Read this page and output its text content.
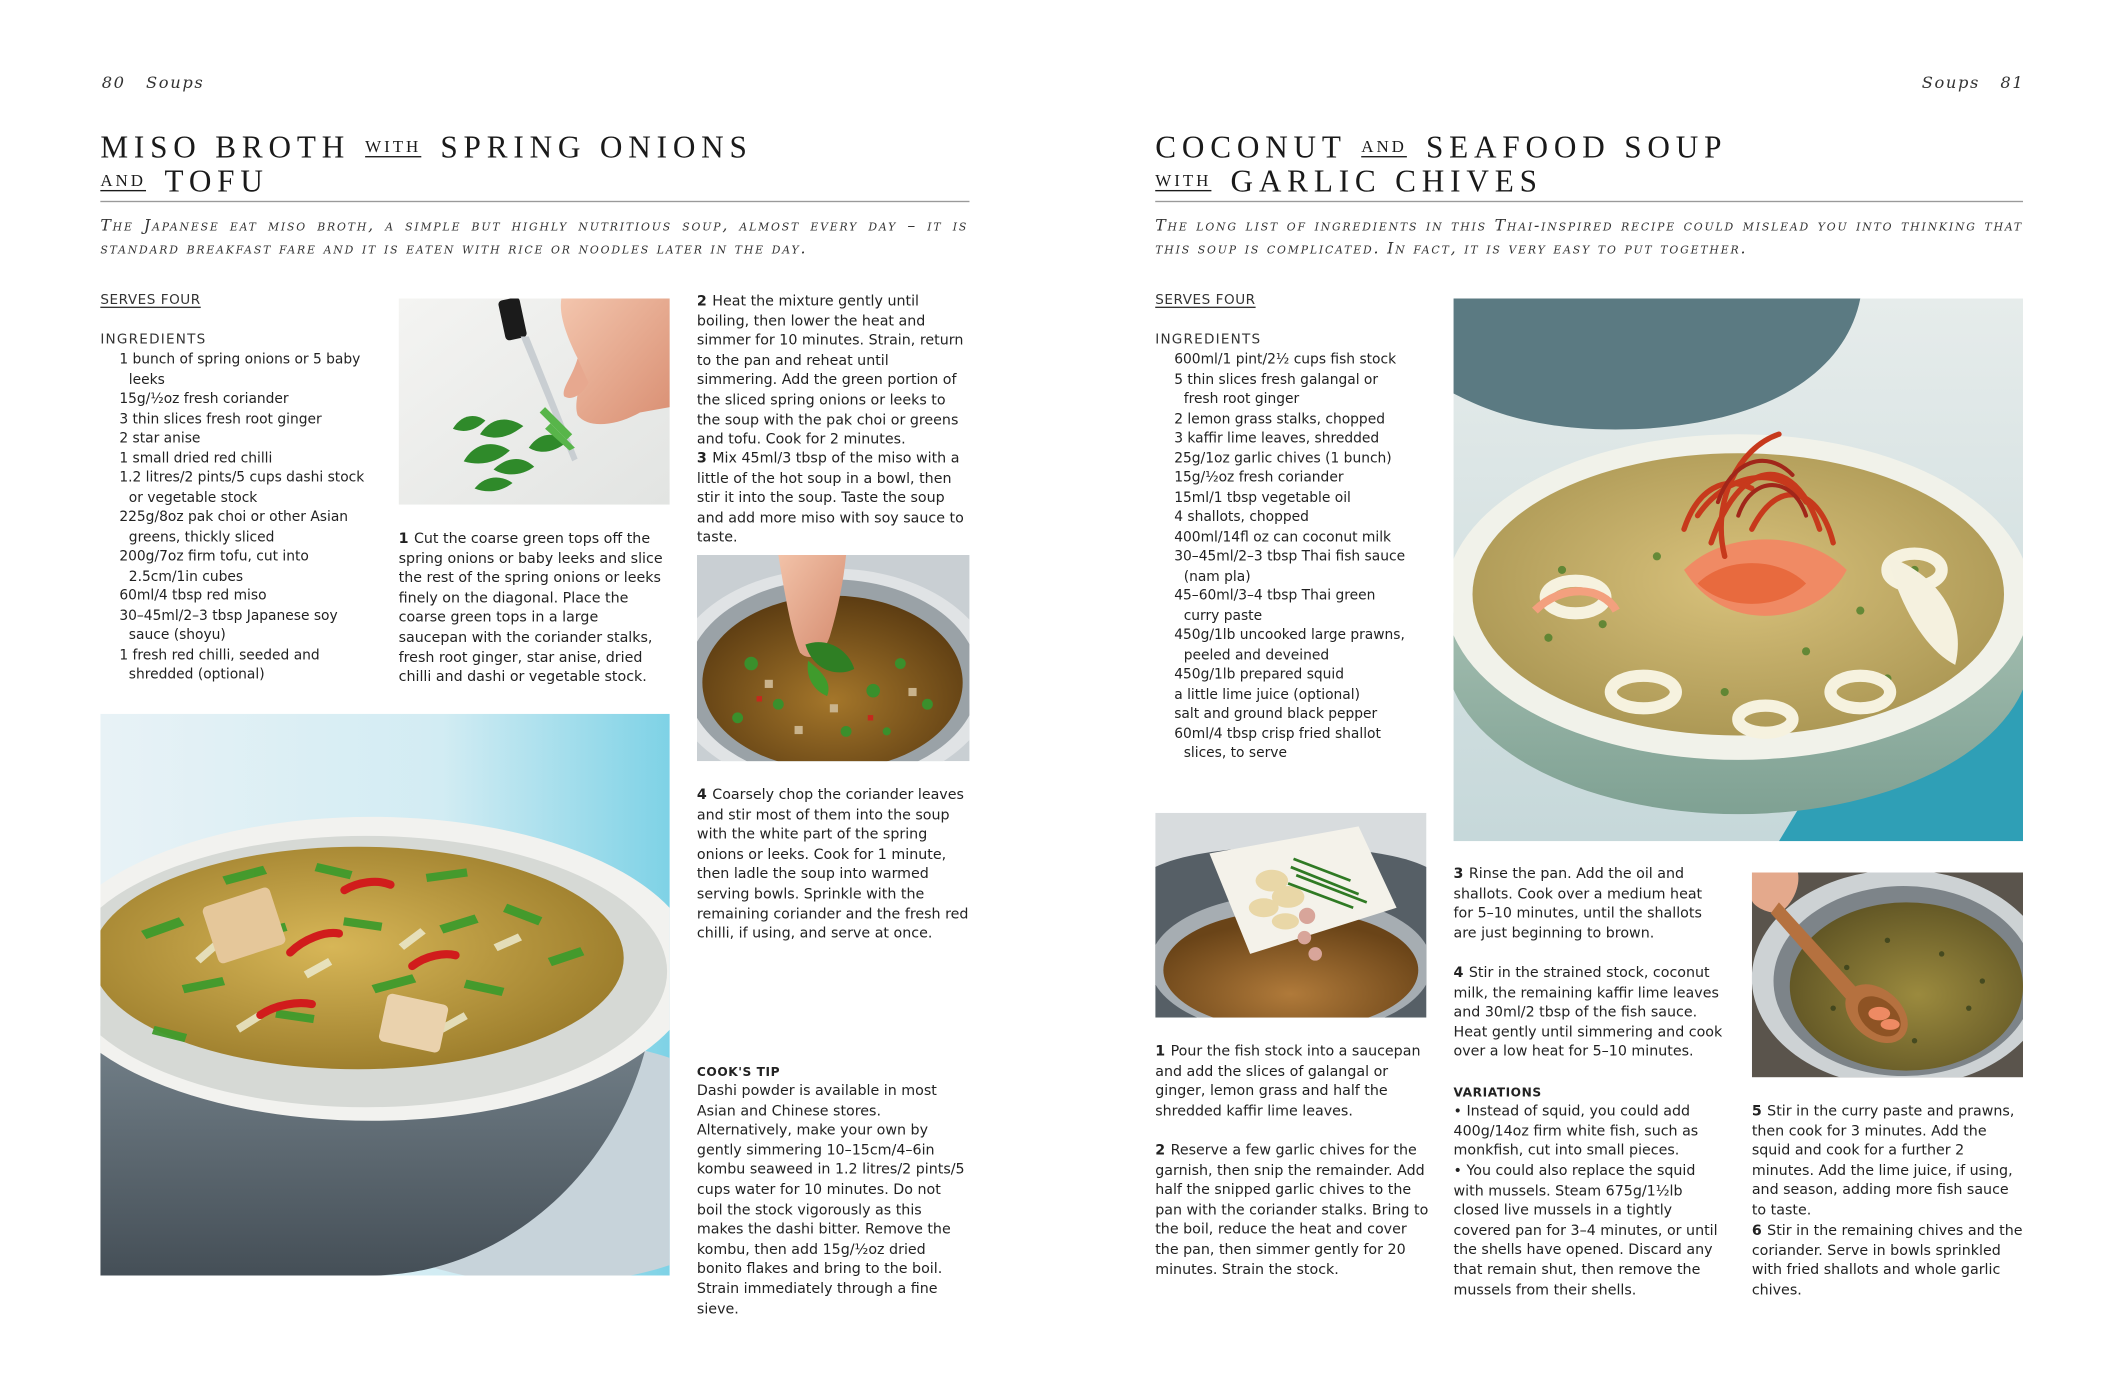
80 Soups
MISO BROTH WITH SPRING ONIONS
AND TOFU
The Japanese eat miso broth, a simple but highly nutritious soup, almost every day – it is standard breakfast fare and it is eaten with rice or noodles later in the day.
SERVES FOUR
INGREDIENTS
1 bunch of spring onions or 5 baby leeks
15g/½oz fresh coriander
3 thin slices fresh root ginger
2 star anise
1 small dried red chilli
1.2 litres/2 pints/5 cups dashi stock or vegetable stock
225g/8oz pak choi or other Asian greens, thickly sliced
200g/7oz firm tofu, cut into 2.5cm/1in cubes
60ml/4 tbsp red miso
30–45ml/2–3 tbsp Japanese soy sauce (shoyu)
1 fresh red chilli, seeded and shredded (optional)

1 Cut the coarse green tops off the spring onions or baby leeks and slice the rest of the spring onions or leeks finely on the diagonal. Place the coarse green tops in a large saucepan with the coriander stalks, fresh root ginger, star anise, dried chilli and dashi or vegetable stock.

2 Heat the mixture gently until boiling, then lower the heat and simmer for 10 minutes. Strain, return to the pan and reheat until simmering. Add the green portion of the sliced spring onions or leeks to the soup with the pak choi or greens and tofu. Cook for 2 minutes.

3 Mix 45ml/3 tbsp of the miso with a little of the hot soup in a bowl, then stir it into the soup. Taste the soup and add more miso with soy sauce to taste.

4 Coarsely chop the coriander leaves and stir most of them into the soup with the white part of the spring onions or leeks. Cook for 1 minute, then ladle the soup into warmed serving bowls. Sprinkle with the remaining coriander and the fresh red chilli, if using, and serve at once.

COOK'S TIP

Dashi powder is available in most Asian and Chinese stores. Alternatively, make your own by gently simmering 10–15cm/4–6in kombu seaweed in 1.2 litres/2 pints/5 cups water for 10 minutes. Do not boil the stock vigorously as this makes the dashi bitter. Remove the kombu, then add 15g/½oz dried bonito flakes and bring to the boil. Strain immediately through a fine sieve.

Soups 81
COCONUT AND SEAFOOD SOUP
WITH GARLIC CHIVES
The long list of ingredients in this Thai-inspired recipe could mislead you into thinking that this soup is complicated. In fact, it is very easy to put together.
SERVES FOUR
INGREDIENTS
600ml/1 pint/2½ cups fish stock
5 thin slices fresh galangal or fresh root ginger
2 lemon grass stalks, chopped
3 kaffir lime leaves, shredded
25g/1oz garlic chives (1 bunch)
15g/½oz fresh coriander
15ml/1 tbsp vegetable oil
4 shallots, chopped
400ml/14fl oz can coconut milk
30–45ml/2–3 tbsp Thai fish sauce (nam pla)
45–60ml/3–4 tbsp Thai green curry paste
450g/1lb uncooked large prawns, peeled and deveined
450g/1lb prepared squid
a little lime juice (optional)
salt and ground black pepper
60ml/4 tbsp crisp fried shallot slices, to serve

1 Pour the fish stock into a saucepan and add the slices of galangal or ginger, lemon grass and half the shredded kaffir lime leaves.

2 Reserve a few garlic chives for the garnish, then snip the remainder. Add half the snipped garlic chives to the pan with the coriander stalks. Bring to the boil, reduce the heat and cover the pan, then simmer gently for 20 minutes. Strain the stock.

3 Rinse the pan. Add the oil and shallots. Cook over a medium heat for 5–10 minutes, until the shallots are just beginning to brown.

4 Stir in the strained stock, coconut milk, the remaining kaffir lime leaves and 30ml/2 tbsp of the fish sauce. Heat gently until simmering and cook over a low heat for 5–10 minutes.

VARIATIONS

• Instead of squid, you could add 400g/14oz firm white fish, such as monkfish, cut into small pieces.

• You could also replace the squid with mussels. Steam 675g/1½lb closed live mussels in a tightly covered pan for 3–4 minutes, or until the shells have opened. Discard any that remain shut, then remove the mussels from their shells.

5 Stir in the curry paste and prawns, then cook for 3 minutes. Add the squid and cook for a further 2 minutes. Add the lime juice, if using, and season, adding more fish sauce to taste.

6 Stir in the remaining chives and the coriander. Serve in bowls sprinkled with fried shallots and whole garlic chives.
